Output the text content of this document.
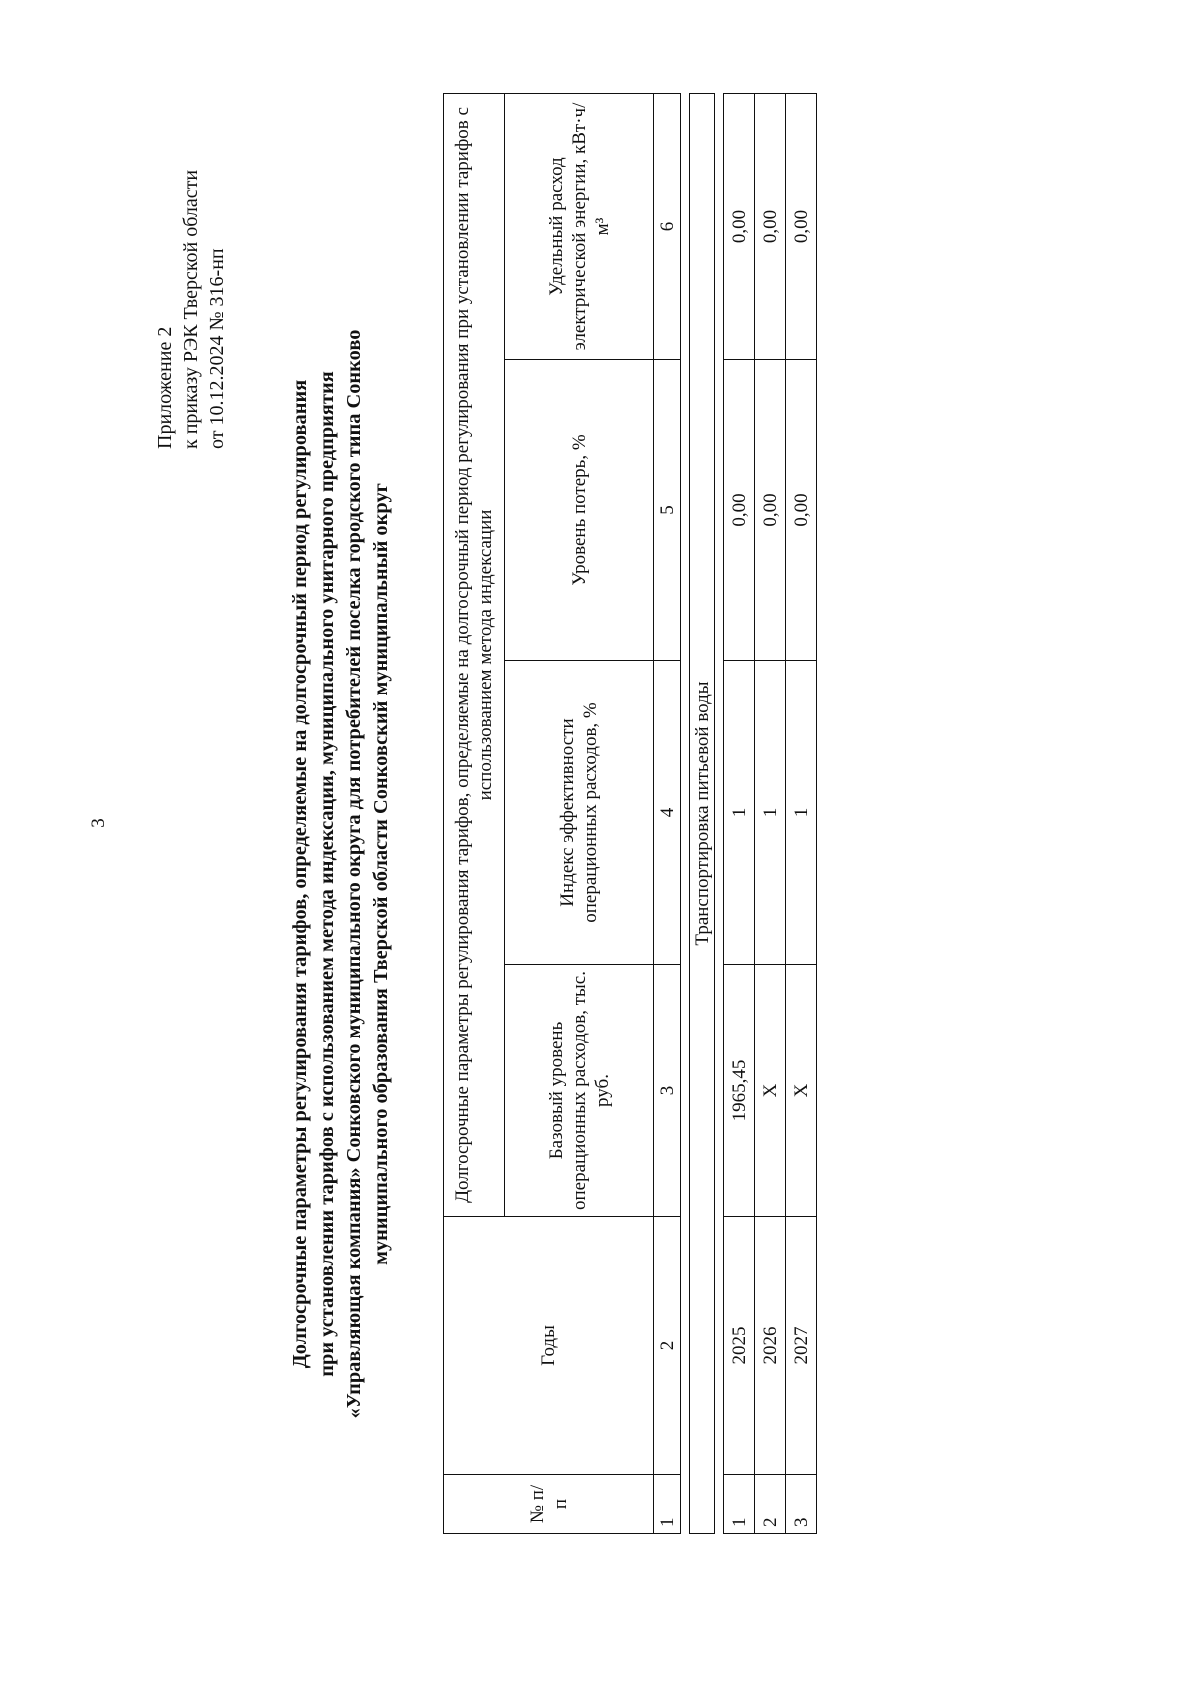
3
Приложение 2 к приказу РЭК Тверской области от 10.12.2024 № 316-нп
Долгосрочные параметры регулирования тарифов, определяемые на долгосрочный период регулирования при установлении тарифов с использованием метода индексации, муниципального унитарного предприятия «Управляющая компания» Сонковского муниципального округа для потребителей поселка городского типа Сонково муниципального образования Тверской области Сонковский муниципальный округ
№ п/п	Годы	Долгосрочные параметры регулирования тарифов, определяемые на долгосрочный период регулирования при установлении тарифов с использованием метода индексации			
		Базовый уровень операционных расходов, тыс. руб.	Индекс эффективности операционных расходов, %	Уровень потерь, %	Удельный расход электрической энергии, кВт·ч/м³
1	2	3	4	5	6

Транспортировка питьевой воды					

1	2025	1965,45	1	0,00	0,00
2	2026	Х	1	0,00	0,00
3	2027	Х	1	0,00	0,00
